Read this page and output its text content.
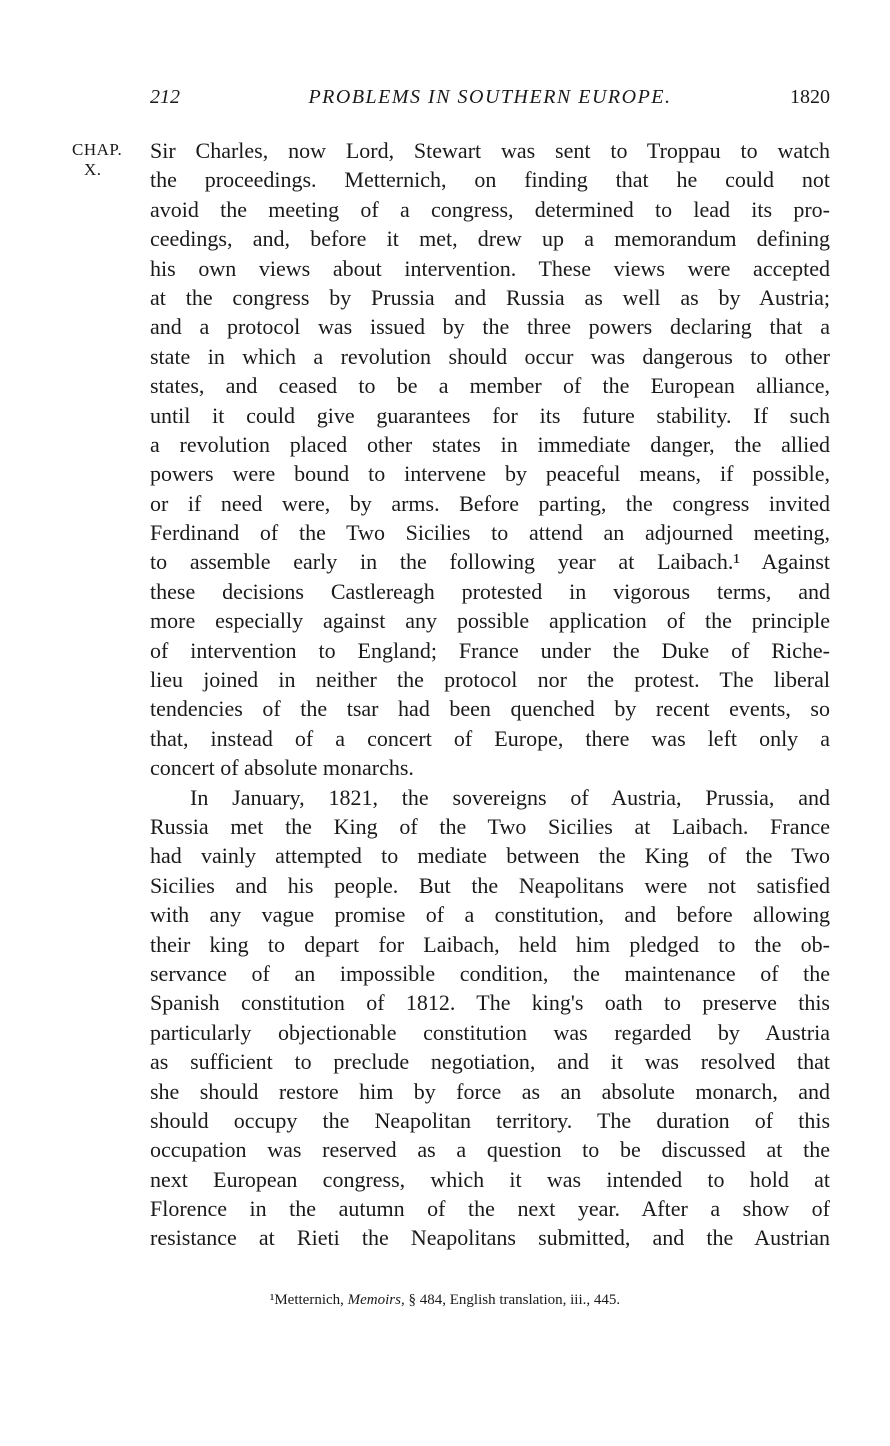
212	PROBLEMS IN SOUTHERN EUROPE.	1820
CHAP.
X.
Sir Charles, now Lord, Stewart was sent to Troppau to watch
the proceedings. Metternich, on finding that he could not
avoid the meeting of a congress, determined to lead its pro-
ceedings, and, before it met, drew up a memorandum defining
his own views about intervention. These views were accepted
at the congress by Prussia and Russia as well as by Austria;
and a protocol was issued by the three powers declaring that a
state in which a revolution should occur was dangerous to other
states, and ceased to be a member of the European alliance,
until it could give guarantees for its future stability. If such
a revolution placed other states in immediate danger, the allied
powers were bound to intervene by peaceful means, if possible,
or if need were, by arms. Before parting, the congress invited
Ferdinand of the Two Sicilies to attend an adjourned meeting,
to assemble early in the following year at Laibach.¹ Against
these decisions Castlereagh protested in vigorous terms, and
more especially against any possible application of the principle
of intervention to England; France under the Duke of Riche-
lieu joined in neither the protocol nor the protest. The liberal
tendencies of the tsar had been quenched by recent events, so
that, instead of a concert of Europe, there was left only a
concert of absolute monarchs.
In January, 1821, the sovereigns of Austria, Prussia, and
Russia met the King of the Two Sicilies at Laibach. France
had vainly attempted to mediate between the King of the Two
Sicilies and his people. But the Neapolitans were not satisfied
with any vague promise of a constitution, and before allowing
their king to depart for Laibach, held him pledged to the ob-
servance of an impossible condition, the maintenance of the
Spanish constitution of 1812. The king's oath to preserve this
particularly objectionable constitution was regarded by Austria
as sufficient to preclude negotiation, and it was resolved that
she should restore him by force as an absolute monarch, and
should occupy the Neapolitan territory. The duration of this
occupation was reserved as a question to be discussed at the
next European congress, which it was intended to hold at
Florence in the autumn of the next year. After a show of
resistance at Rieti the Neapolitans submitted, and the Austrian
¹Metternich, Memoirs, § 484, English translation, iii., 445.
